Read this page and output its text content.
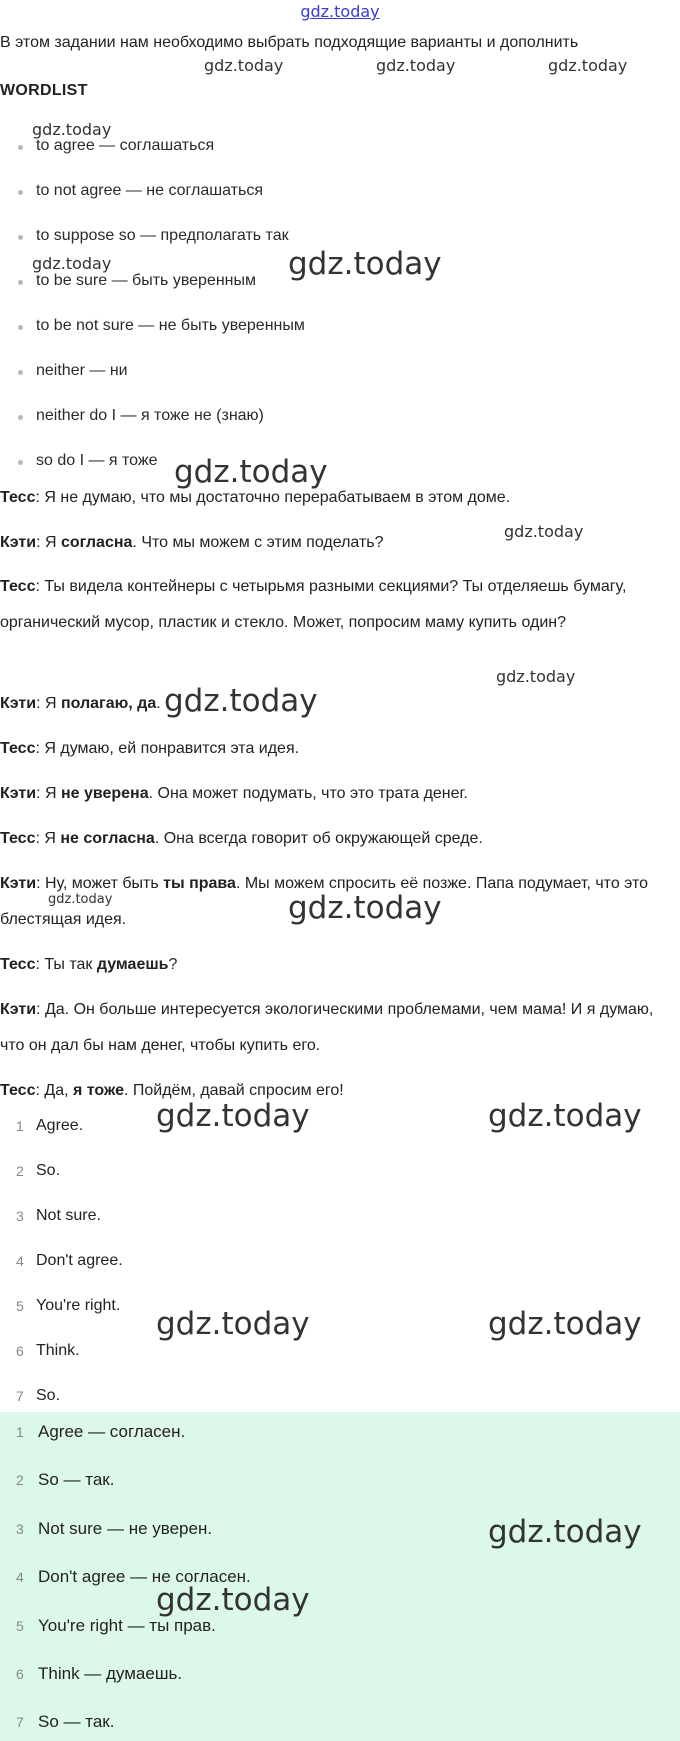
gdz.today
В этом задании нам необходимо выбрать подходящие варианты и дополнить
WORDLIST
to agree — соглашаться
to not agree — не соглашаться
to suppose so — предполагать так
to be sure — быть уверенным
to be not sure — не быть уверенным
neither — ни
neither do I — я тоже не (знаю)
so do I — я тоже
Тесс: Я не думаю, что мы достаточно перерабатываем в этом доме.
Кэти: Я согласна. Что мы можем с этим поделать?
Тесс: Ты видела контейнеры с четырьмя разными секциями? Ты отделяешь бумагу, органический мусор, пластик и стекло. Может, попросим маму купить один?
Кэти: Я полагаю, да.
Тесс: Я думаю, ей понравится эта идея.
Кэти: Я не уверена. Она может подумать, что это трата денег.
Тесс: Я не согласна. Она всегда говорит об окружающей среде.
Кэти: Ну, может быть ты права. Мы можем спросить её позже. Папа подумает, что это блестящая идея.
Тесс: Ты так думаешь?
Кэти: Да. Он больше интересуется экологическими проблемами, чем мама! И я думаю, что он дал бы нам денег, чтобы купить его.
Тесс: Да, я тоже. Пойдём, давай спросим его!
1 Agree.
2 So.
3 Not sure.
4 Don't agree.
5 You're right.
6 Think.
7 So.
1 Agree — согласен.
2 So — так.
3 Not sure — не уверен.
4 Don't agree — не согласен.
5 You're right — ты прав.
6 Think — думаешь.
7 So — так.
gdz.today	gdz.today	gdz.today
gdz.today
gdz.today	gdz.today
gdz.today
gdz.today
gdz.today
gdz.today
gdz.today
gdz.today
gdz.today	gdz.today
gdz.today	gdz.today
gdz.today
gdz.today
